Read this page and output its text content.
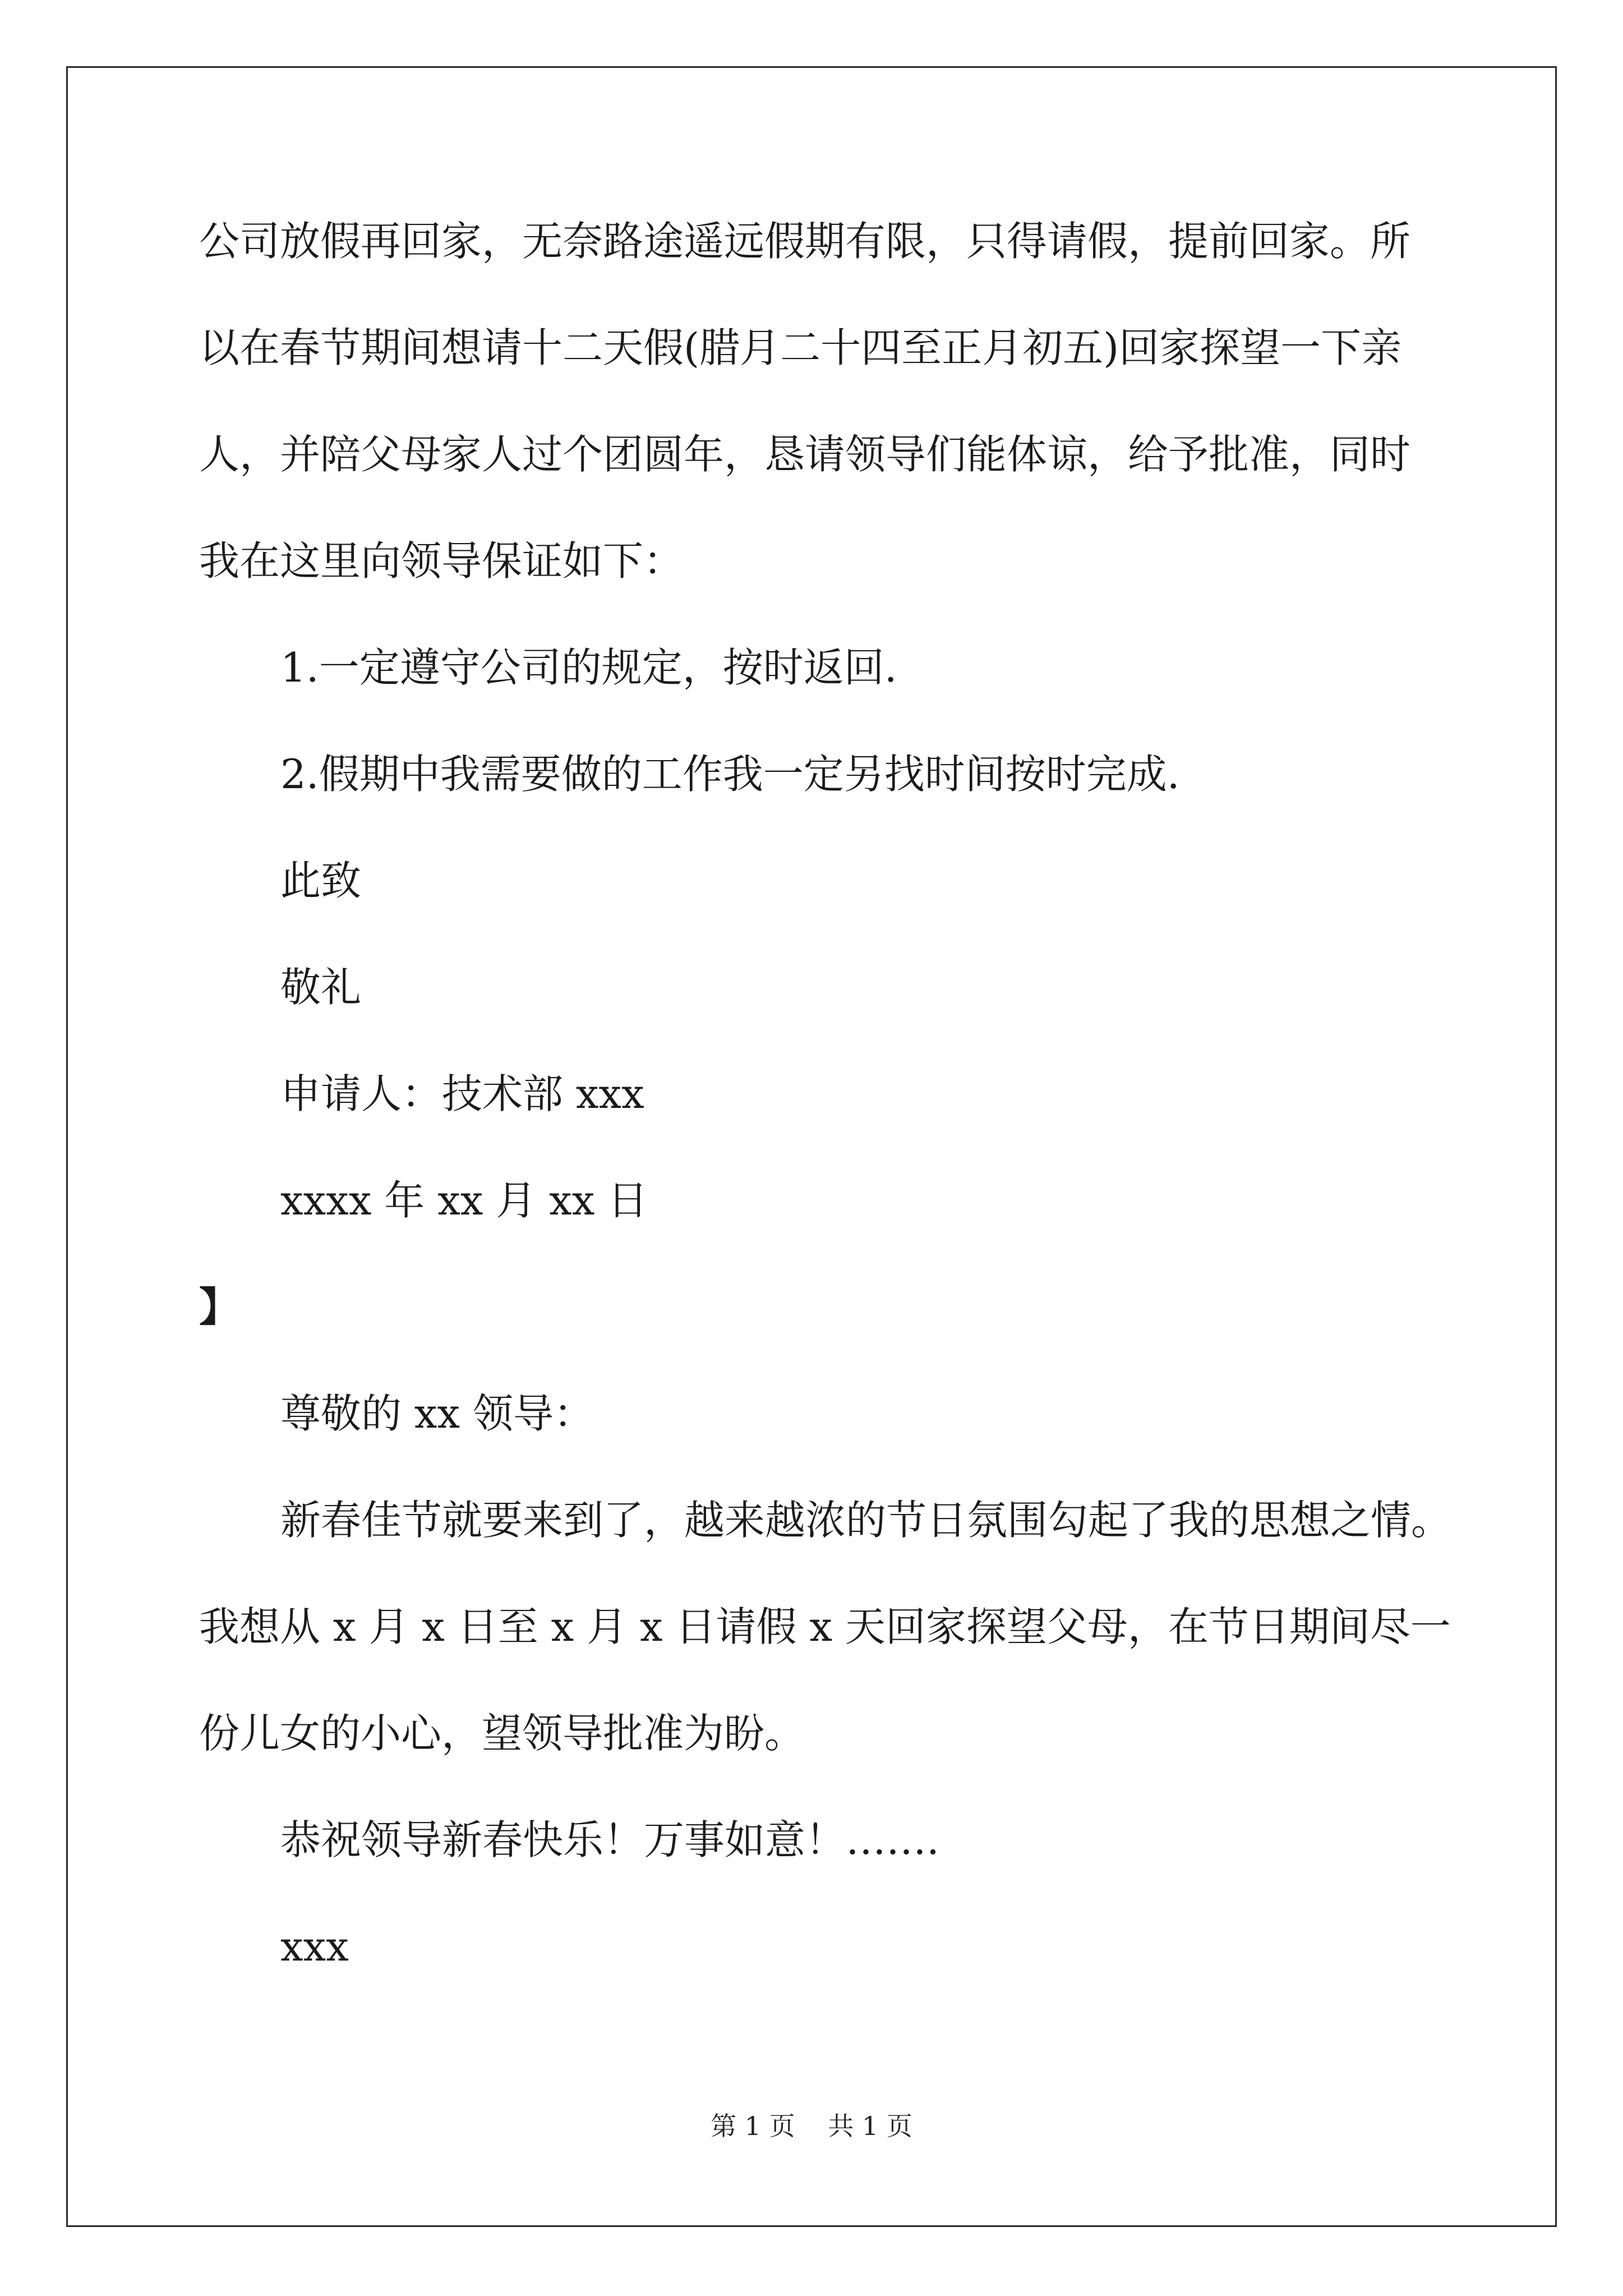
公司放假再回家，无奈路途遥远假期有限，只得请假，提前回家。所

以在春节期间想请十二天假(腊月二十四至正月初五)回家探望一下亲

人，并陪父母家人过个团圆年，恳请领导们能体谅，给予批准，同时

我在这里向领导保证如下：

1.一定遵守公司的规定，按时返回.

2.假期中我需要做的工作我一定另找时间按时完成.

此致

敬礼

申请人：技术部 xxx

xxxx 年 xx 月 xx 日

】

尊敬的 xx 领导：

新春佳节就要来到了，越来越浓的节日氛围勾起了我的思想之情。

我想从 x 月 x 日至 x 月 x 日请假 x 天回家探望父母，在节日期间尽一

份儿女的小心，望领导批准为盼。

恭祝领导新春快乐！万事如意！…….

xxx

第 1 页 共 1 页
